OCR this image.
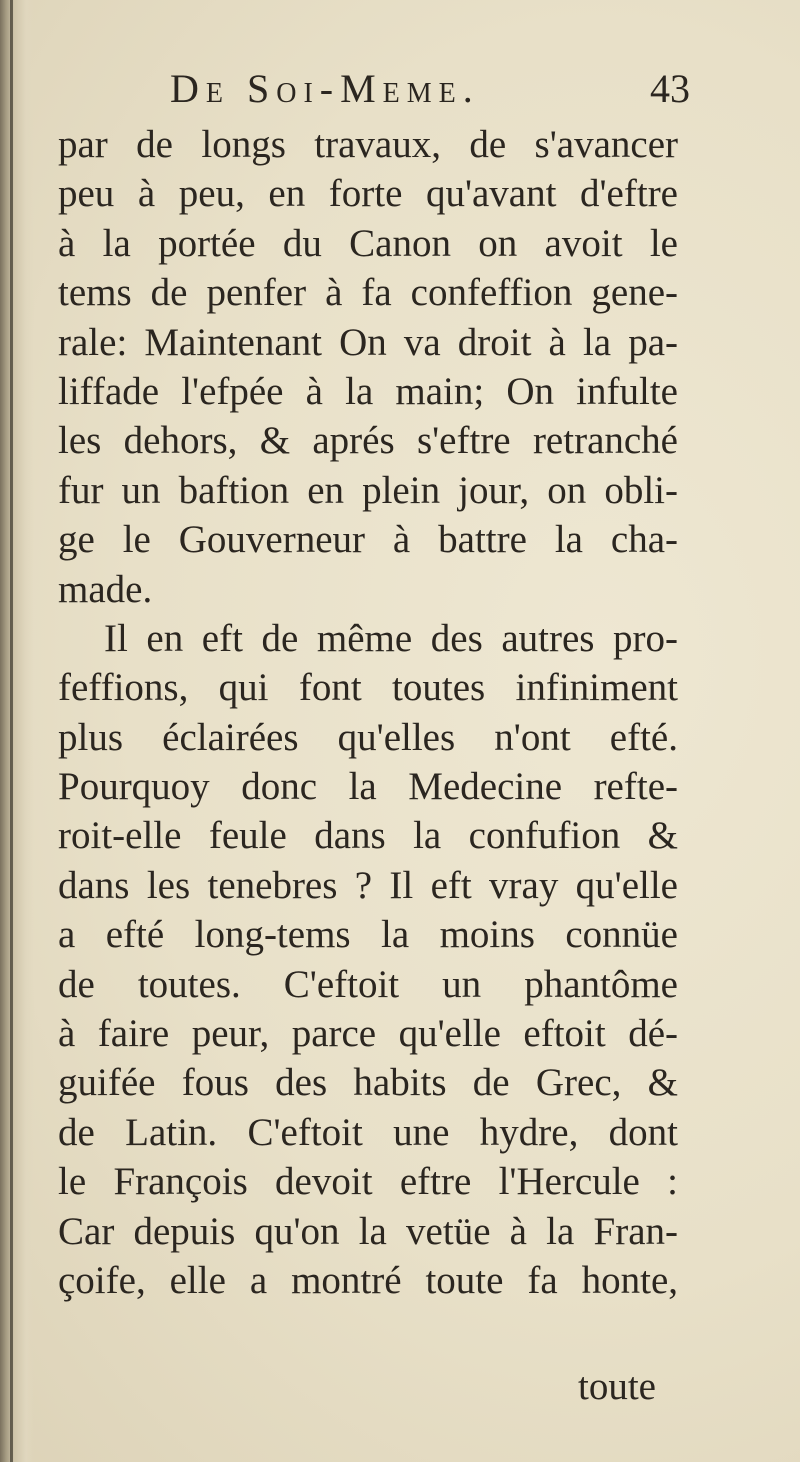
De Soi-Meme.	43
par de longs travaux, de s'avancer
peu à peu, en forte qu'avant d'eftre
à la portée du Canon on avoit le
tems de penfer à fa confeffion gene-
rale: Maintenant On va droit à la pa-
liffade l'efpée à la main; On infulte
les dehors, & aprés s'eftre retranché
fur un baftion en plein jour, on obli-
ge le Gouverneur à battre la cha-
made.
Il en eft de même des autres pro-
feffions, qui font toutes infiniment
plus éclairées qu'elles n'ont efté.
Pourquoy donc la Medecine refte-
roit-elle feule dans la confufion &
dans les tenebres ? Il eft vray qu'elle
a efté long-tems la moins connüe
de toutes. C'eftoit un phantôme
à faire peur, parce qu'elle eftoit dé-
guifée fous des habits de Grec, &
de Latin. C'eftoit une hydre, dont
le François devoit eftre l'Hercule :
Car depuis qu'on la vetüe à la Fran-
çoife, elle a montré toute fa honte,
toute
